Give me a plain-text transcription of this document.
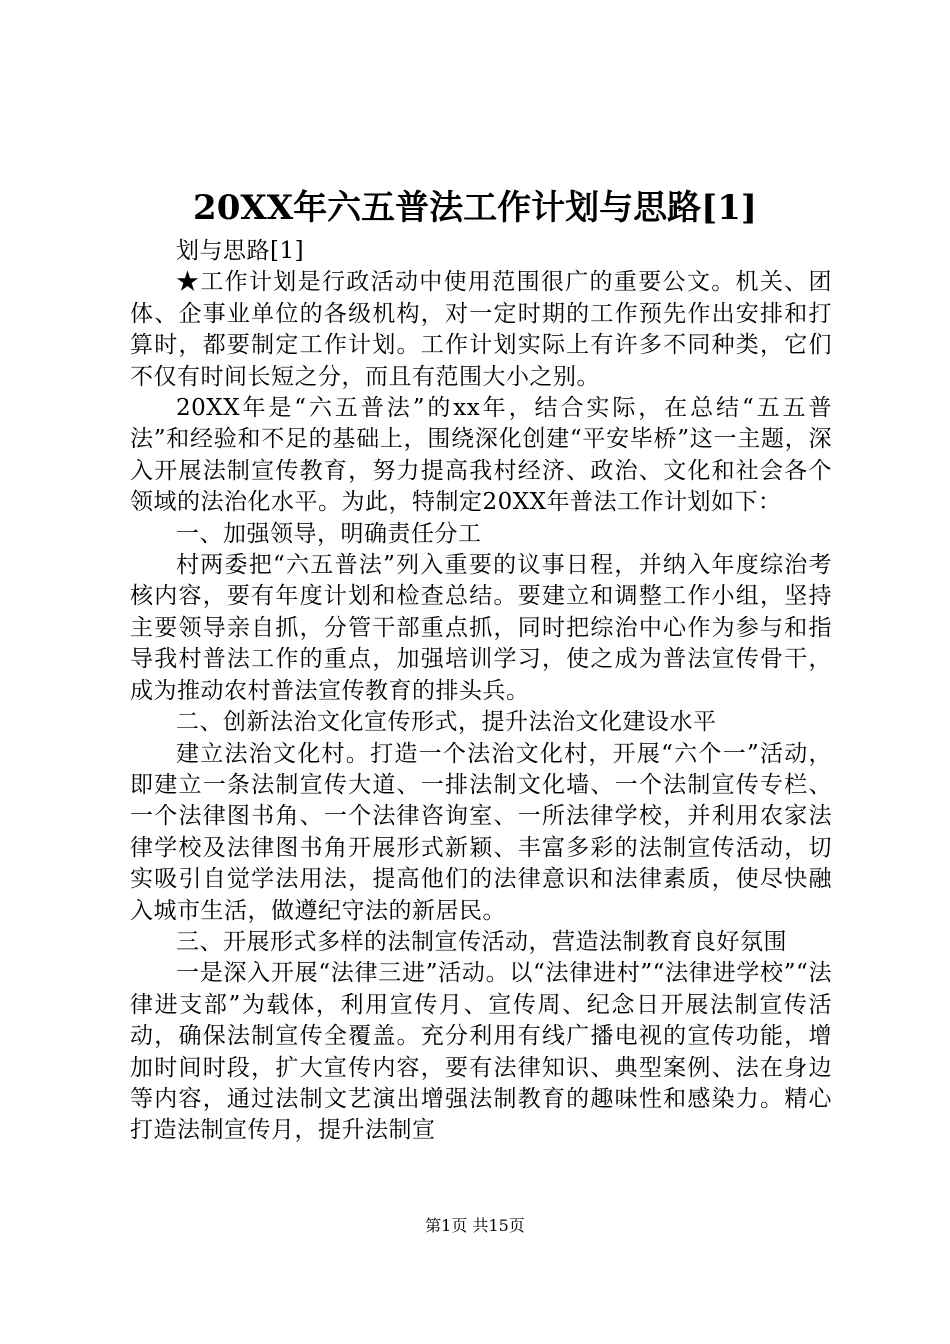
20XX年六五普法工作计划与思路[1]

划与思路[1]

★工作计划是行政活动中使用范围很广的重要公文。机关、团体、企事业单位的各级机构，对一定时期的工作预先作出安排和打算时，都要制定工作计划。工作计划实际上有许多不同种类，它们不仅有时间长短之分，而且有范围大小之别。

20XX年是“六五普法”的xx年，结合实际，在总结“五五普法”和经验和不足的基础上，围绕深化创建“平安毕桥”这一主题，深入开展法制宣传教育，努力提高我村经济、政治、文化和社会各个领域的法治化水平。为此，特制定20XX年普法工作计划如下：

一、加强领导，明确责任分工

村两委把“六五普法”列入重要的议事日程，并纳入年度综治考核内容，要有年度计划和检查总结。要建立和调整工作小组，坚持主要领导亲自抓，分管干部重点抓，同时把综治中心作为参与和指导我村普法工作的重点，加强培训学习，使之成为普法宣传骨干，成为推动农村普法宣传教育的排头兵。

二、创新法治文化宣传形式，提升法治文化建设水平

建立法治文化村。打造一个法治文化村，开展“六个一”活动，即建立一条法制宣传大道、一排法制文化墙、一个法制宣传专栏、一个法律图书角、一个法律咨询室、一所法律学校，并利用农家法律学校及法律图书角开展形式新颖、丰富多彩的法制宣传活动，切实吸引自觉学法用法，提高他们的法律意识和法律素质，使尽快融入城市生活，做遵纪守法的新居民。

三、开展形式多样的法制宣传活动，营造法制教育良好氛围

一是深入开展“法律三进”活动。以“法律进村”“法律进学校”“法律进支部”为载体，利用宣传月、宣传周、纪念日开展法制宣传活动，确保法制宣传全覆盖。充分利用有线广播电视的宣传功能，增加时间时段，扩大宣传内容，要有法律知识、典型案例、法在身边等内容，通过法制文艺演出增强法制教育的趣味性和感染力。精心打造法制宣传月，提升法制宣

第1页 共15页
